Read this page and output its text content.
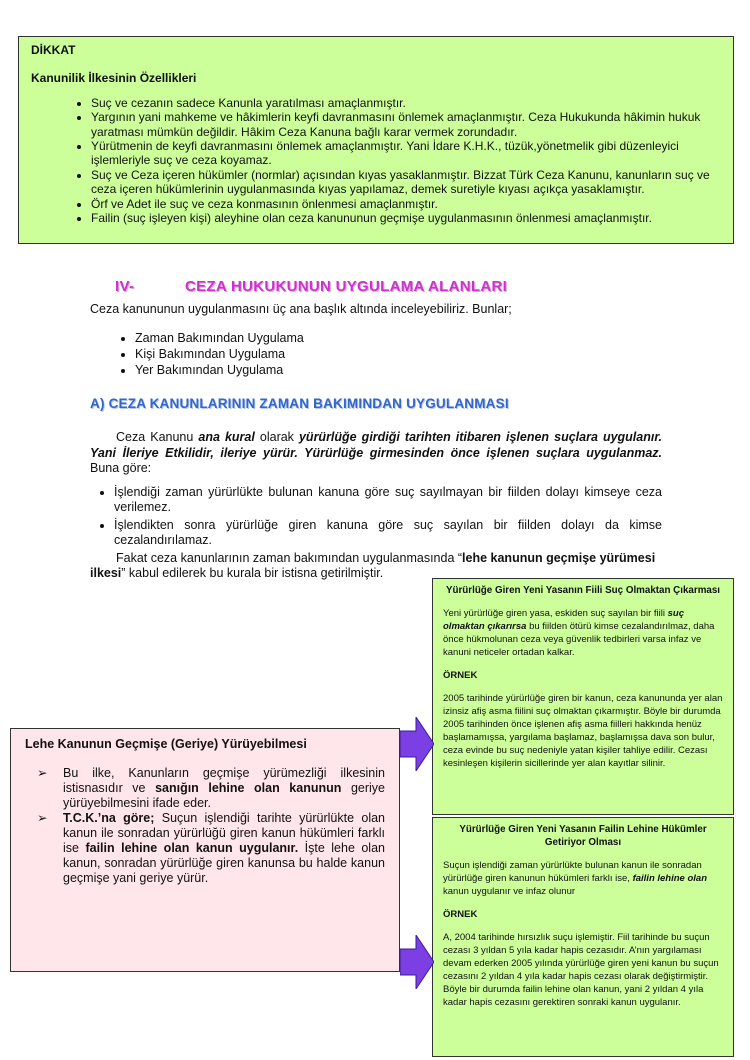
DİKKAT

Kanunilik İlkesinin Özellikleri

• Suç ve cezanın sadece Kanunla yaratılması amaçlanmıştır.
• Yargının yani mahkeme ve hâkimlerin keyfi davranmasını önlemek amaçlanmıştır. Ceza Hukukunda hâkimin hukuk yaratması mümkün değildir. Hâkim Ceza Kanuna bağlı karar vermek zorundadır.
• Yürütmenin de keyfi davranmasını önlemek amaçlanmıştır. Yani İdare K.H.K., tüzük,yönetmelik gibi düzenleyici işlemleriyle suç ve ceza koyamaz.
• Suç ve Ceza içeren hükümler (normlar) açısından kıyas yasaklanmıştır. Bizzat Türk Ceza Kanunu, kanunların suç ve ceza içeren hükümlerinin uygulanmasında kıyas yapılamaz, demek suretiyle kıyası açıkça yasaklamıştır.
• Örf ve Adet ile suç ve ceza konmasının önlenmesi amaçlanmıştır.
• Failin (suç işleyen kişi) aleyhine olan ceza kanununun geçmişe uygulanmasının önlenmesi amaçlanmıştır.
IV-	CEZA HUKUKUNUN UYGULAMA ALANLARI
Ceza kanununun uygulanmasını üç ana başlık altında inceleyebiliriz. Bunlar;
• Zaman Bakımından Uygulama
• Kişi Bakımından Uygulama
• Yer Bakımından Uygulama
A) CEZA KANUNLARININ ZAMAN BAKIMINDAN UYGULANMASI

Ceza Kanunu ana kural olarak yürürlüğe girdiği tarihten itibaren işlenen suçlara uygulanır. Yani İleriye Etkilidir, ileriye yürür. Yürürlüğe girmesinden önce işlenen suçlara uygulanmaz. Buna göre:

• İşlendiği zaman yürürlükte bulunan kanuna göre suç sayılmayan bir fiilden dolayı kimseye ceza verilemez.
• İşlendikten sonra yürürlüğe giren kanuna göre suç sayılan bir fiilden dolayı da kimse cezalandırılamaz.

Fakat ceza kanunlarının zaman bakımından uygulanmasında “lehe kanunun geçmişe yürümesi ilkesi” kabul edilerek bu kurala bir istisna getirilmiştir.

Yürürlüğe Giren Yeni Yasanın Fiili Suç Olmaktan Çıkarması

Yeni yürürlüğe giren yasa, eskiden suç sayılan bir fiili suç olmaktan çıkarırsa bu fiilden ötürü kimse cezalandırılmaz, daha önce hükmolunan ceza veya güvenlik tedbirleri varsa infaz ve kanuni neticeler ortadan kalkar.

ÖRNEK

2005 tarihinde yürürlüğe giren bir kanun, ceza kanununda yer alan izinsiz afiş asma fiilini suç olmaktan çıkarmıştır. Böyle bir durumda 2005 tarihinden önce işlenen afiş asma fiilleri hakkında henüz başlamamışsa, yargılama başlamaz, başlamışsa dava son bulur, ceza evinde bu suç nedeniyle yatan kişiler tahliye edilir. Cezası kesinleşen kişilerin sicillerinde yer alan kayıtlar silinir.

Yürürlüğe Giren Yeni Yasanın Failin Lehine Hükümler Getiriyor Olması

Suçun işlendiği zaman yürürlükte bulunan kanun ile sonradan yürürlüğe giren kanunun hükümleri farklı ise, failin lehine olan kanun uygulanır ve infaz olunur

ÖRNEK

A, 2004 tarihinde hırsızlık suçu işlemiştir. Fiil tarihinde bu suçun cezası 3 yıldan 5 yıla kadar hapis cezasıdır. A’nın yargılaması devam ederken 2005 yılında yürürlüğe giren yeni kanun bu suçun cezasını 2 yıldan 4 yıla kadar hapis cezası olarak değiştirmiştir. Böyle bir durumda failin lehine olan kanun, yani 2 yıldan 4 yıla kadar hapis cezasını gerektiren sonraki kanun uygulanır.

Lehe Kanunun Geçmişe (Geriye) Yürüyebilmesi

➢ Bu ilke, Kanunların geçmişe yürümezliği ilkesinin istisnasıdır ve sanığın lehine olan kanunun geriye yürüyebilmesini ifade eder.
➢ T.C.K.’na göre; Suçun işlendiği tarihte yürürlükte olan kanun ile sonradan yürürlüğü giren kanun hükümleri farklı ise failin lehine olan kanun uygulanır. İşte lehe olan kanun, sonradan yürürlüğe giren kanunsa bu halde kanun geçmişe yani geriye yürür.
